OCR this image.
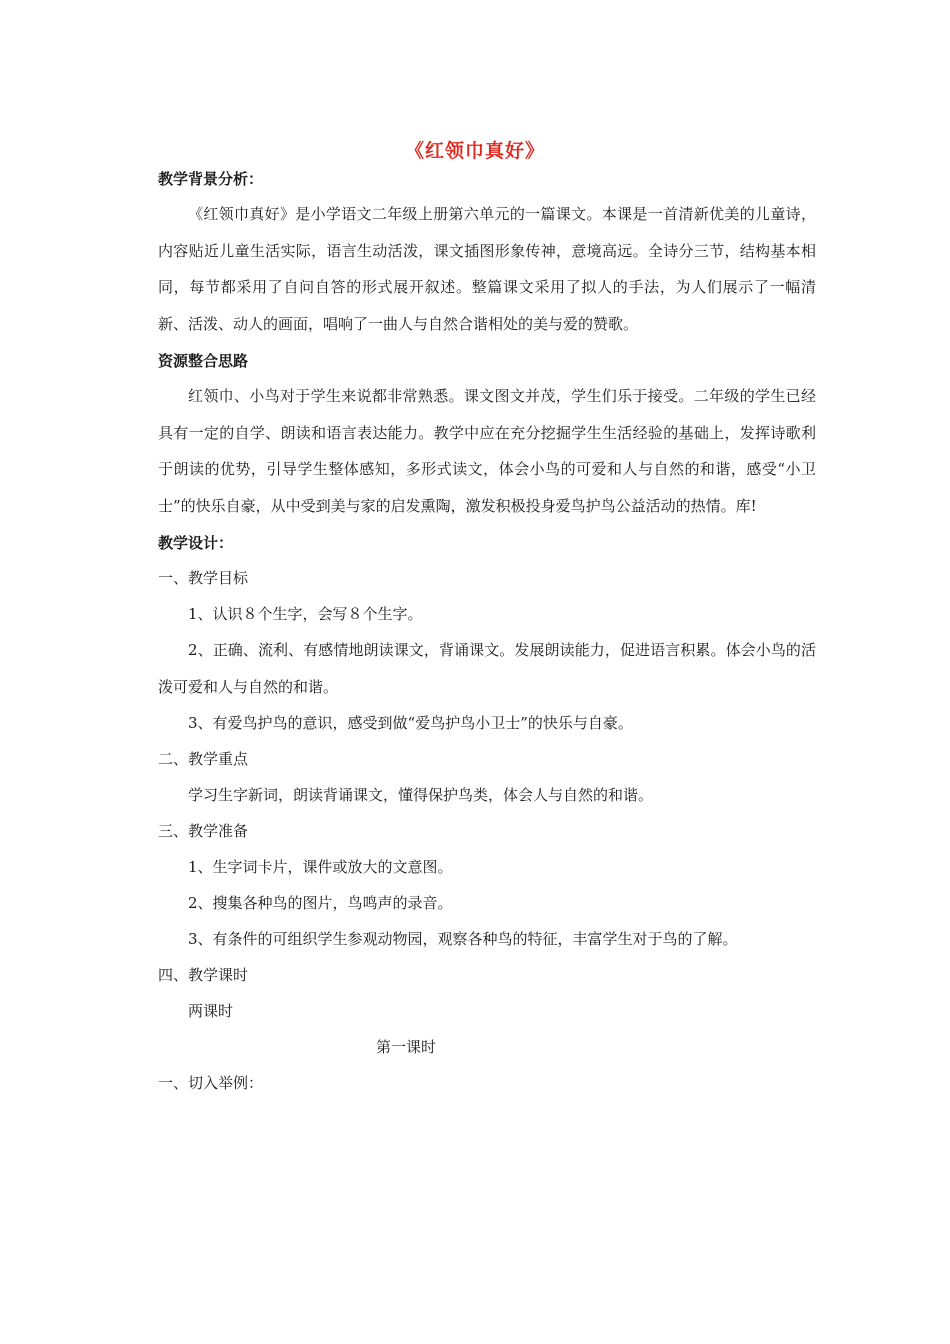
《红领巾真好》
教学背景分析：

《红领巾真好》是小学语文二年级上册第六单元的一篇课文。本课是一首清新优美的儿童诗，内容贴近儿童生活实际，语言生动活泼，课文插图形象传神，意境高远。全诗分三节，结构基本相同，每节都采用了自问自答的形式展开叙述。整篇课文采用了拟人的手法，为人们展示了一幅清新、活泼、动人的画面，唱响了一曲人与自然合谐相处的美与爱的赞歌。

资源整合思路

红领巾、小鸟对于学生来说都非常熟悉。课文图文并茂，学生们乐于接受。二年级的学生已经具有一定的自学、朗读和语言表达能力。教学中应在充分挖掘学生生活经验的基础上，发挥诗歌利于朗读的优势，引导学生整体感知，多形式读文，体会小鸟的可爱和人与自然的和谐，感受“小卫士”的快乐自豪，从中受到美与家的启发熏陶，激发积极投身爱鸟护鸟公益活动的热情。库!

教学设计：
一、教学目标
1、认识８个生字，会写８个生字。
2、正确、流利、有感情地朗读课文，背诵课文。发展朗读能力，促进语言积累。体会小鸟的活泼可爱和人与自然的和谐。
3、有爱鸟护鸟的意识，感受到做“爱鸟护鸟小卫士”的快乐与自豪。
二、教学重点
学习生字新词，朗读背诵课文，懂得保护鸟类，体会人与自然的和谐。
三、教学准备
1、生字词卡片，课件或放大的文意图。
2、搜集各种鸟的图片，鸟鸣声的录音。
3、有条件的可组织学生参观动物园，观察各种鸟的特征，丰富学生对于鸟的了解。
四、教学课时
两课时
第一课时
一、切入举例：
